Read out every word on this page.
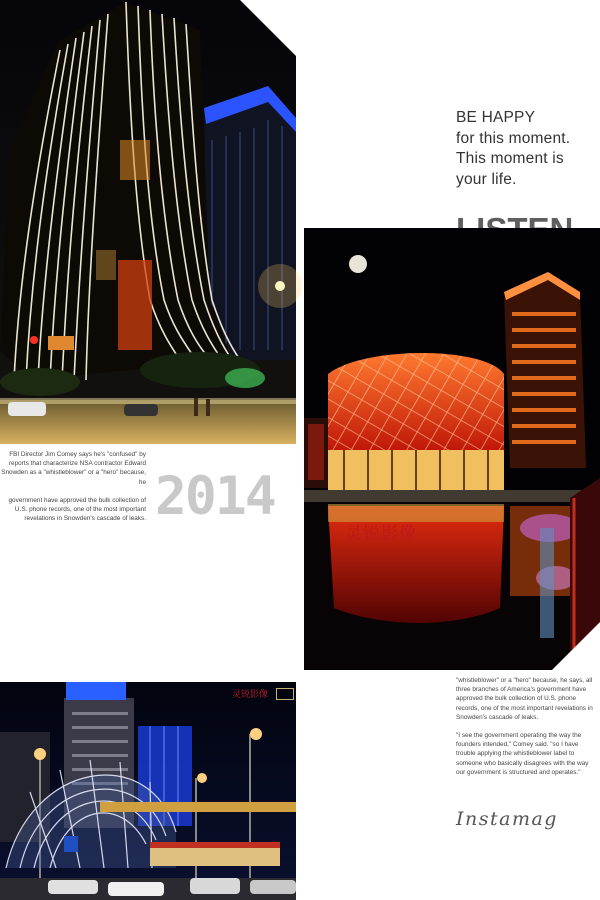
BE HAPPY
for this moment.
This moment is
your life.

FBI Director Jim Comey says he's "confused" by reports that characterize NSA contractor Edward Snowden as a "whistleblower" or a "hero" because, he

government have approved the bulk collection of U.S. phone records, one of the most important revelations in Snowden's cascade of leaks. 2014
灵锐影像

"whistleblower" or a "hero" because, he says, all three branches of America's government have approved the bulk collection of U.S. phone records, one of the most important revelations in Snowden's cascade of leaks.

"I see the government operating the way the founders intended," Comey said. "so I have trouble applying the whistleblower label to someone who basically disagrees with the way our government is structured and operates."

Instamag
灵锐影像
